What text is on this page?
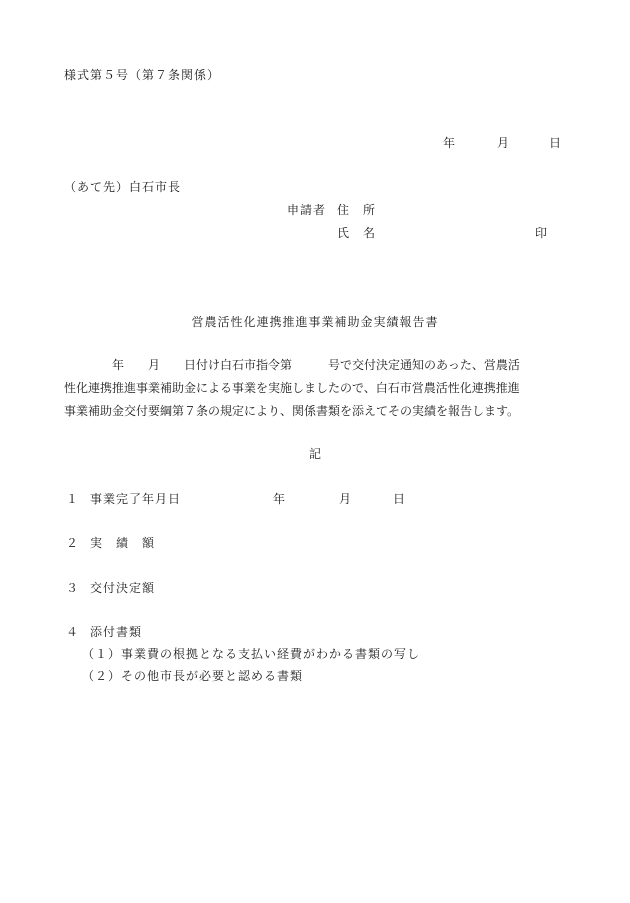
様式第５号（第７条関係）
年	月	日
（あて先）白石市長
申請者 住　所
氏　名	印
営農活性化連携推進事業補助金実績報告書
　　　　年　　月　　日付け白石市指令第　　　号で交付決定通知のあった、営農活
性化連携推進事業補助金による事業を実施しましたので、白石市営農活性化連携推進
事業補助金交付要綱第７条の規定により、関係書類を添えてその実績を報告します。
記
１ 事業完了年月日	年	月	日
２ 実　績　額
３ 交付決定額
４ 添付書類
（１）事業費の根拠となる支払い経費がわかる書類の写し
（２）その他市長が必要と認める書類
